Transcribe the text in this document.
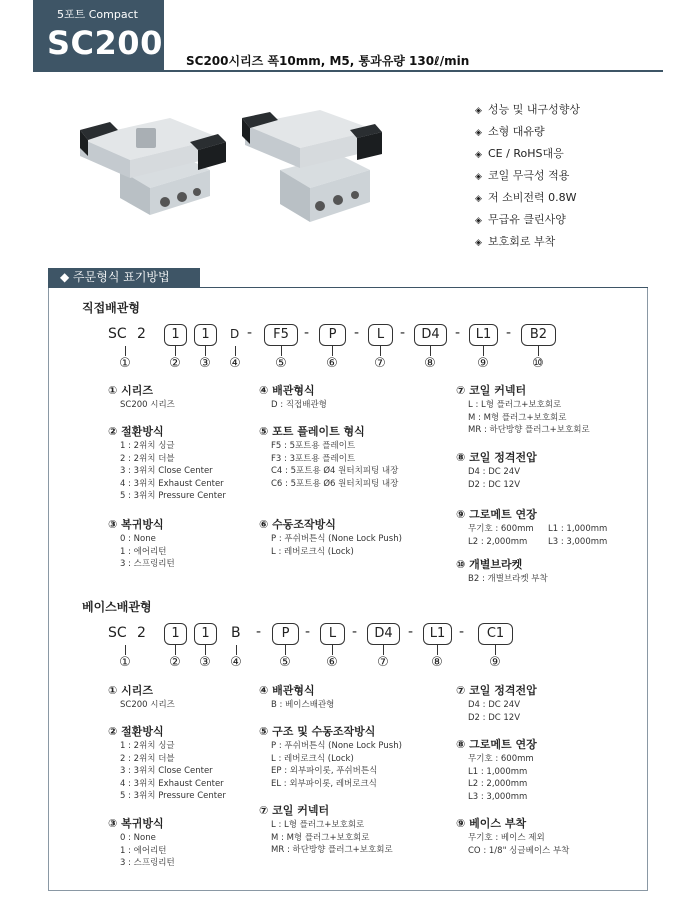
5포트 Compact
SC200 SC200시리즈 폭10mm, M5, 통과유량 130ℓ/min
◈ 성능 및 내구성향상
◈ 소형 대유량
◈ CE / RoHS대응
◈ 코일 무극성 적용
◈ 저 소비전력 0.8W
◈ 무급유 클린사양
◈ 보호회로 부착
◆ 주문형식 표기방법
직접배관형
SC 2	1	1	D -	F5	-	P	-	L	-	D4	-	L1	-	B2
①	②	③	④	⑤	⑥	⑦	⑧	⑨	⑩
① 시리즈
SC200 시리즈
② 절환방식
1 : 2위치 싱글
2 : 2위치 더블
3 : 3위치 Close Center
4 : 3위치 Exhaust Center
5 : 3위치 Pressure Center
③ 복귀방식
0 : None
1 : 에어리턴
3 : 스프링리턴
④ 배관형식
D : 직접배관형
⑤ 포트 플레이트 형식
F5 : 5포트용 플레이트
F3 : 3포트용 플레이트
C4 : 5포트용 Ø4 원터치피팅 내장
C6 : 5포트용 Ø6 원터치피팅 내장
⑥ 수동조작방식
P : 푸쉬버튼식 (None Lock Push)
L : 레버로크식 (Lock)
⑦ 코일 커넥터
L : L형 플러그+보호회로
M : M형 플러그+보호회로
MR : 하단방향 플러그+보호회로
⑧ 코일 정격전압
D4 : DC 24V
D2 : DC 12V
⑨ 그로메트 연장
무기호 : 600mm L1 : 1,000mm
L2 : 2,000mm L3 : 3,000mm
⑩ 개별브라켓
B2 : 개별브라켓 부착
베이스배관형
SC 2	1	1	B -	P	-	L	-	D4	-	L1 -	C1
①	②	③	④	⑤	⑥	⑦	⑧	⑨
① 시리즈
SC200 시리즈
② 절환방식
1 : 2위치 싱글
2 : 2위치 더블
3 : 3위치 Close Center
4 : 3위치 Exhaust Center
5 : 3위치 Pressure Center
③ 복귀방식
0 : None
1 : 에어리턴
3 : 스프링리턴
④ 배관형식
B : 베이스배관형
⑤ 구조 및 수동조작방식
P : 푸쉬버튼식 (None Lock Push)
L : 레버로크식 (Lock)
EP : 외부파이롯, 푸쉬버튼식
EL : 외부파이롯, 레버로크식
⑦ 코일 커넥터
L : L형 플러그+보호회로
M : M형 플러그+보호회로
MR : 하단방향 플러그+보호회로
⑦ 코일 정격전압
D4 : DC 24V
D2 : DC 12V
⑧ 그로메트 연장
무기호 : 600mm
L1 : 1,000mm
L2 : 2,000mm
L3 : 3,000mm
⑨ 베이스 부착
무기호 : 베이스 제외
CO : 1/8" 싱글베이스 부착
